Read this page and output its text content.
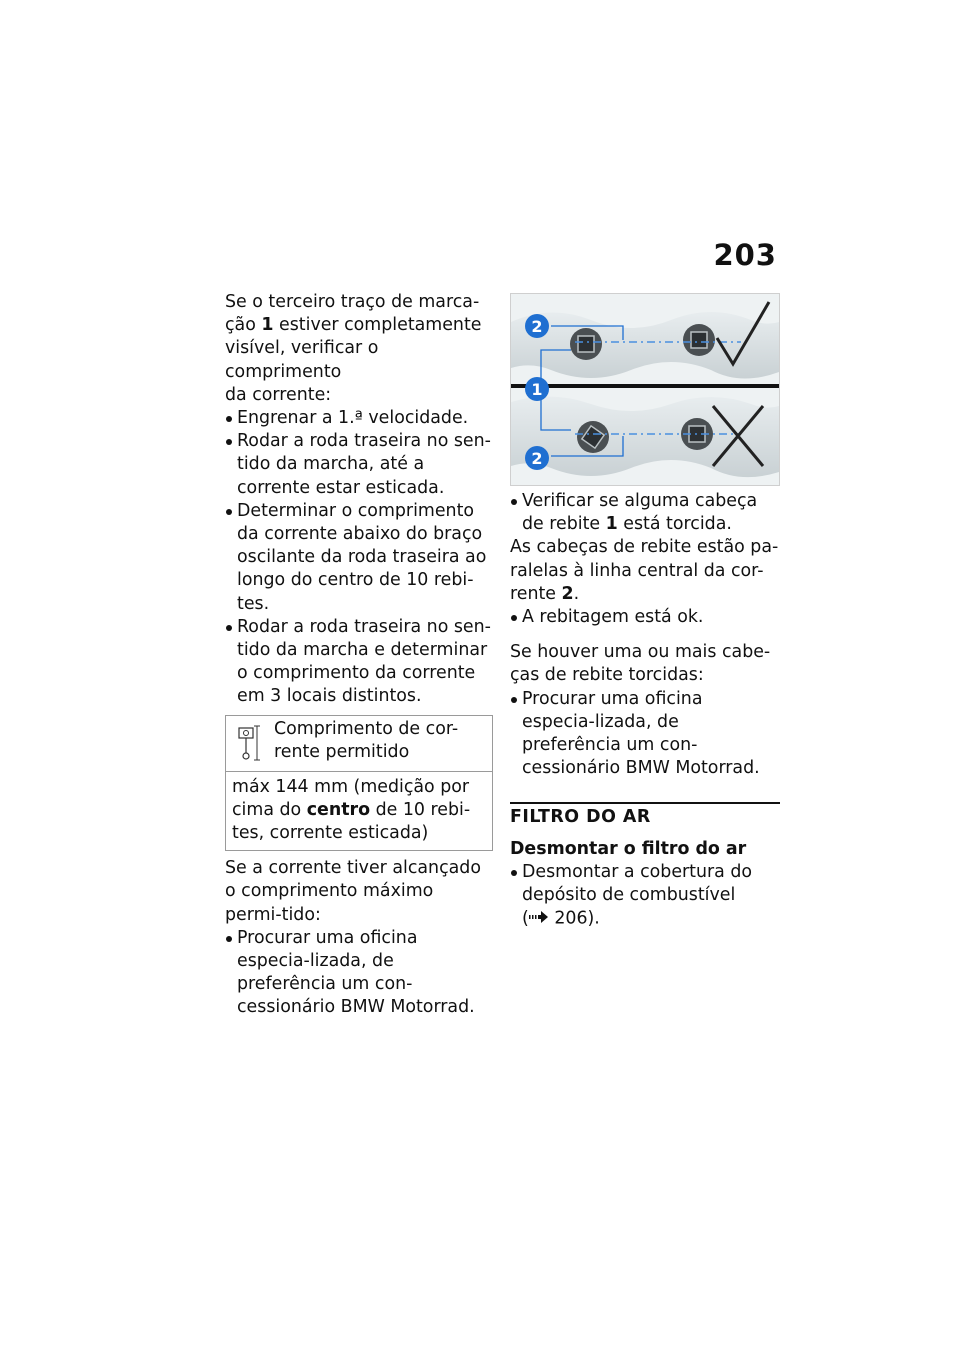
203

Se o terceiro traço de marca-
ção 1 estiver completamente
visível, verificar o comprimento
da corrente:

Engrenar a 1.ª velocidade.
Rodar a roda traseira no sen-tido da marcha, até a corrente estar esticada.
Determinar o comprimento da corrente abaixo do braço oscilante da roda traseira ao longo do centro de 10 rebi-tes.
Rodar a roda traseira no sen-tido da marcha e determinar o comprimento da corrente em 3 locais distintos.
Comprimento de cor-rente permitido
máx 144 mm (medição por cima do centro de 10 rebi-tes, corrente esticada)

Se a corrente tiver alcançado o comprimento máximo permi-tido:

Procurar uma oficina especia-lizada, de preferência um con-cessionário BMW Motorrad.
2
1
2
Verificar se alguma cabeça de rebite 1 está torcida.

As cabeças de rebite estão pa-ralelas à linha central da cor-rente 2.

A rebitagem está ok.

Se houver uma ou mais cabe-ças de rebite torcidas:

Procurar uma oficina especia-lizada, de preferência um con-cessionário BMW Motorrad.
FILTRO DO AR
Desmontar o filtro do ar
Desmontar a cobertura do depósito de combustível
( 206).
